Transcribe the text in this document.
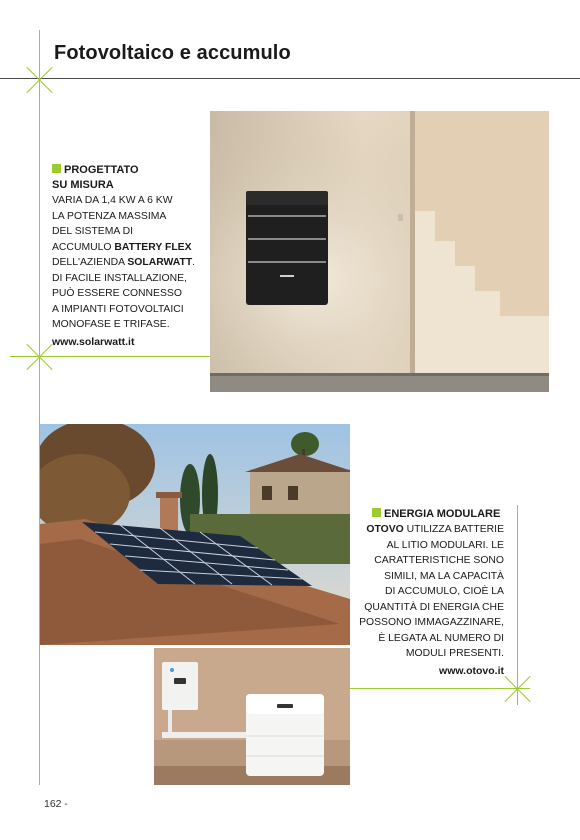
Fotovoltaico e accumulo
PROGETTATO
SU MISURA
VARIA DA 1,4 KW A 6 KW
LA POTENZA MASSIMA
DEL SISTEMA DI
ACCUMULO BATTERY FLEX
DELL'AZIENDA SOLARWATT.
DI FACILE INSTALLAZIONE,
PUÒ ESSERE CONNESSO
A IMPIANTI FOTOVOLTAICI
MONOFASE E TRIFASE.
www.solarwatt.it
ENERGIA MODULARE
OTOVO UTILIZZA BATTERIE
AL LITIO MODULARI. LE
CARATTERISTICHE SONO
SIMILI, MA LA CAPACITÀ
DI ACCUMULO, CIOÈ LA
QUANTITÀ DI ENERGIA CHE
POSSONO IMMAGAZZINARE,
È LEGATA AL NUMERO DI
MODULI PRESENTI.
www.otovo.it
162 -
